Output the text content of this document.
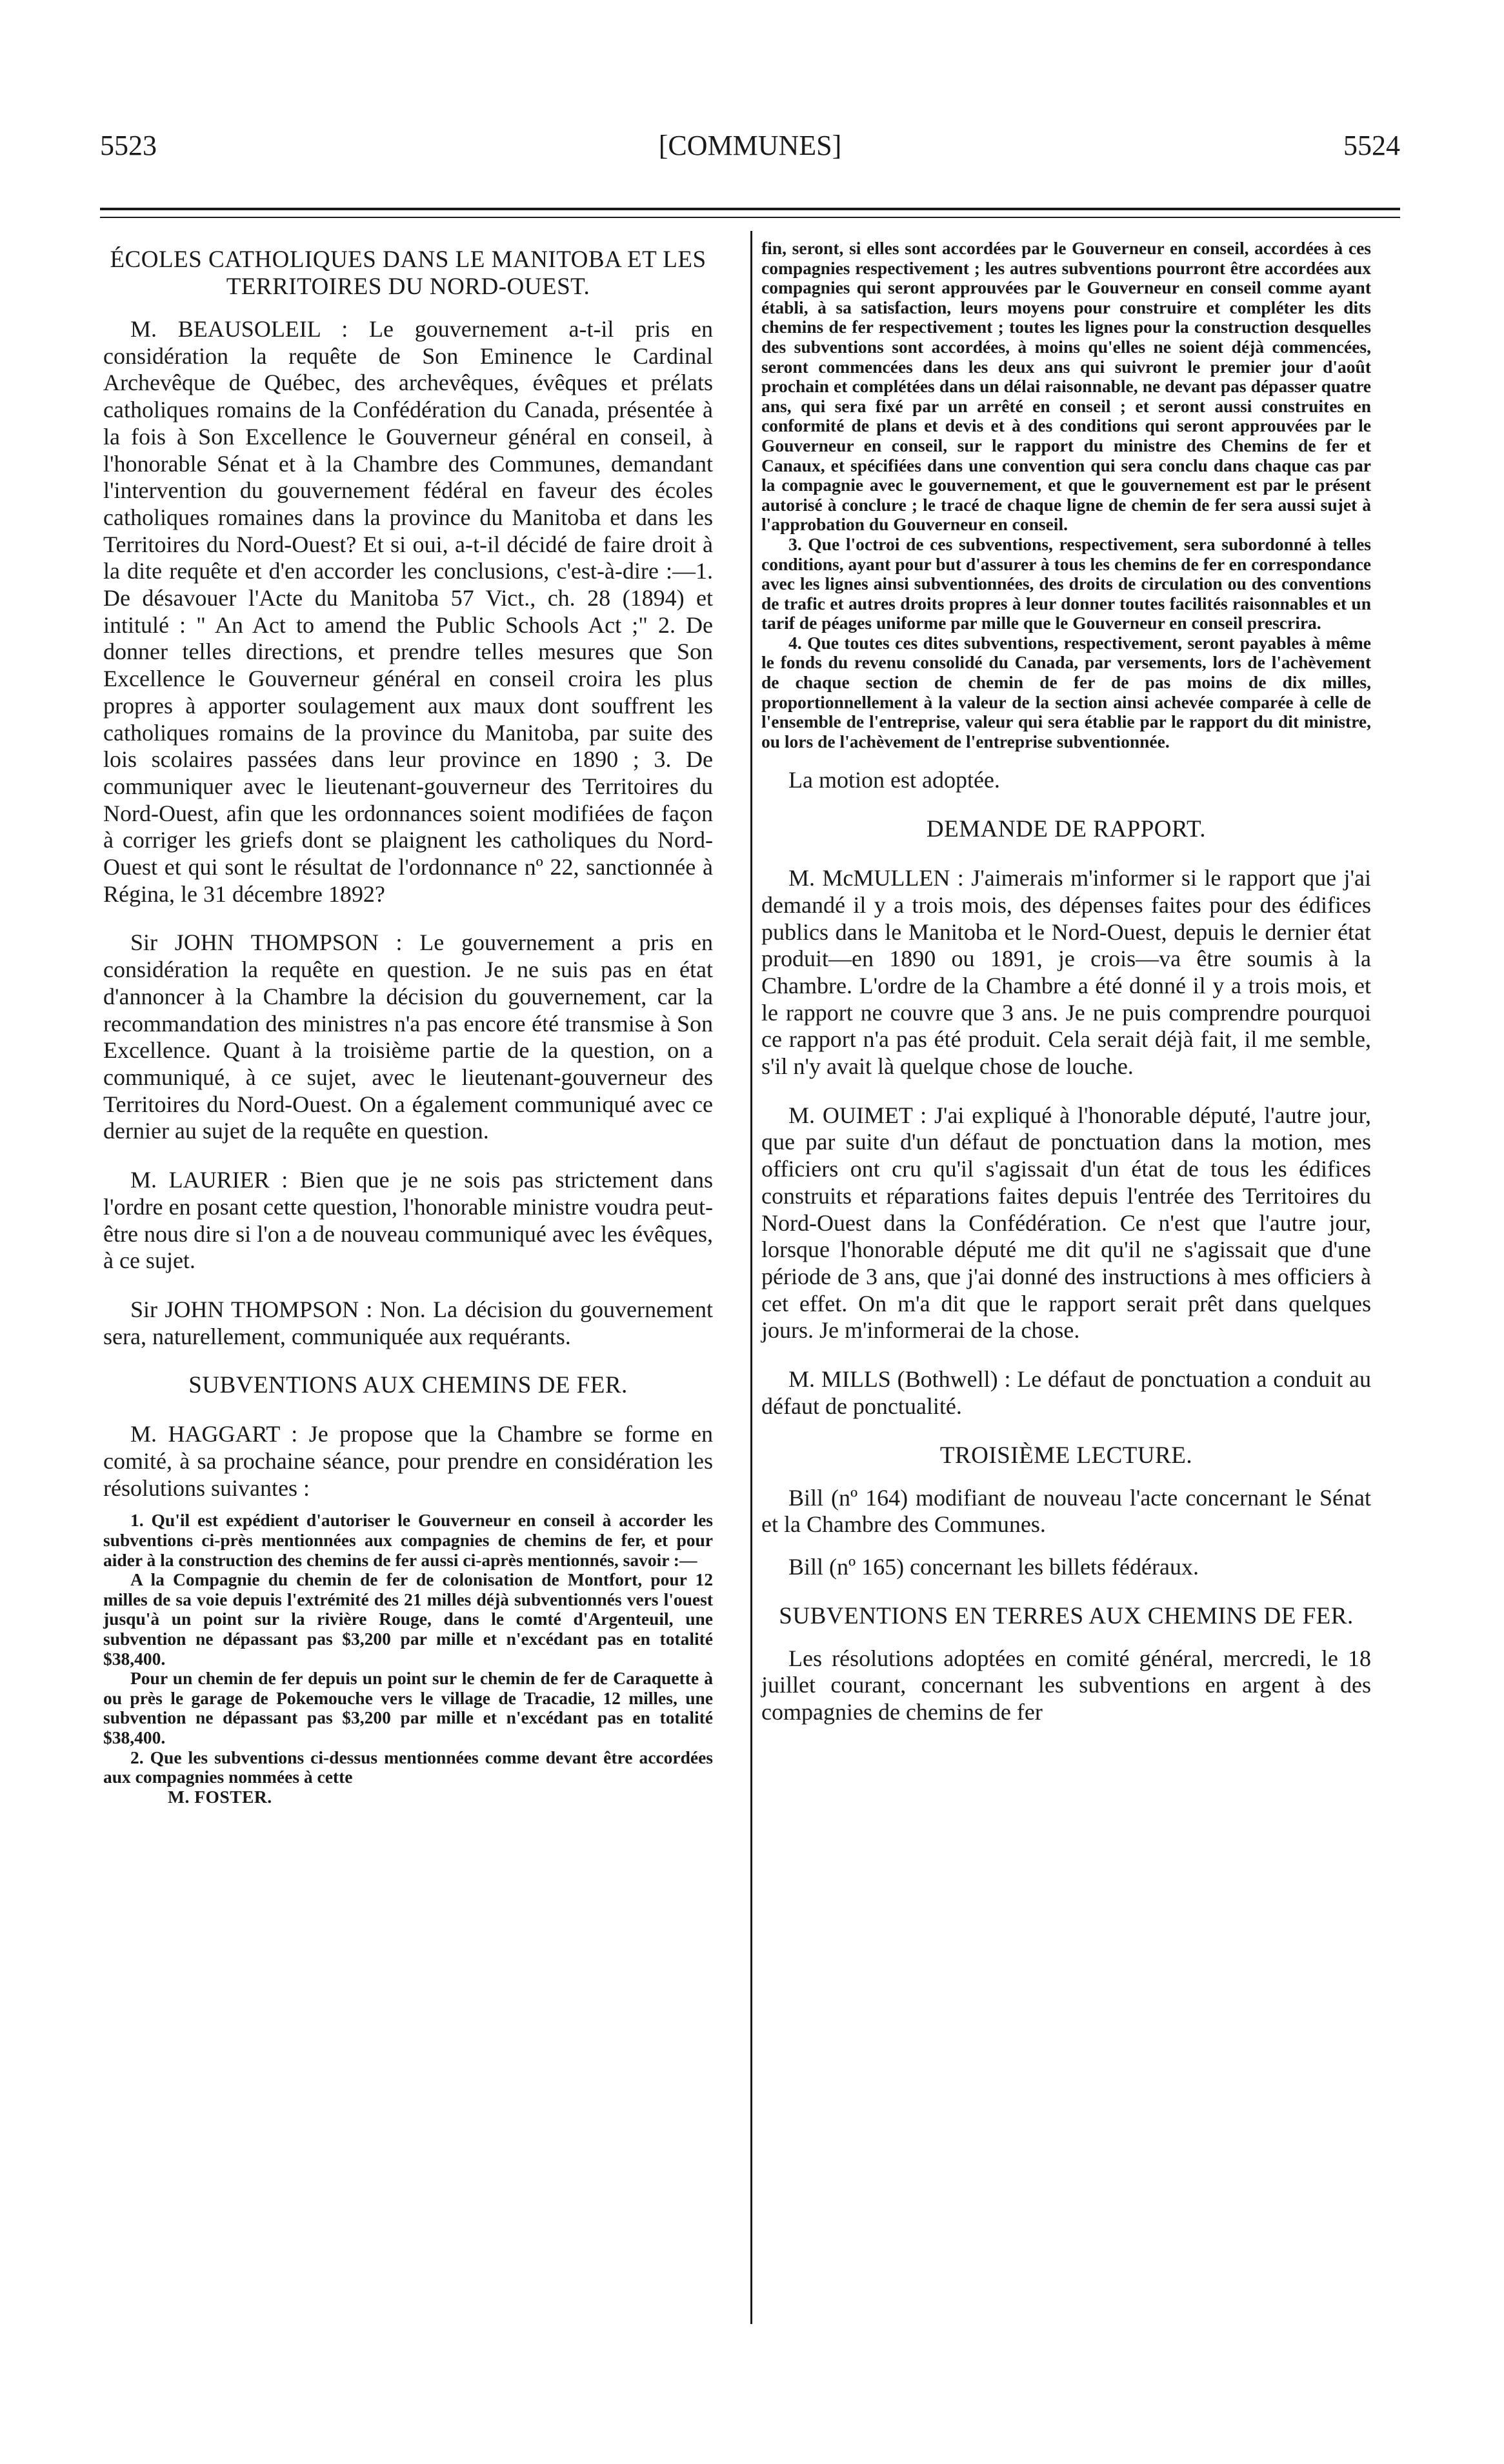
5523	[COMMUNES]	5524

ÉCOLES CATHOLIQUES DANS LE MANITOBA ET LES TERRITOIRES DU NORD-OUEST.

M. BEAUSOLEIL : Le gouvernement a-t-il pris en considération la requête de Son Eminence le Cardinal Archevêque de Québec, des archevêques, évêques et prélats catholiques romains de la Confédération du Canada, présentée à la fois à Son Excellence le Gouverneur général en conseil, à l'honorable Sénat et à la Chambre des Communes, demandant l'intervention du gouvernement fédéral en faveur des écoles catholiques romaines dans la province du Manitoba et dans les Territoires du Nord-Ouest? Et si oui, a-t-il décidé de faire droit à la dite requête et d'en accorder les conclusions, c'est-à-dire :—1. De désavouer l'Acte du Manitoba 57 Vict., ch. 28 (1894) et intitulé : " An Act to amend the Public Schools Act ;" 2. De donner telles directions, et prendre telles mesures que Son Excellence le Gouverneur général en conseil croira les plus propres à apporter soulagement aux maux dont souffrent les catholiques romains de la province du Manitoba, par suite des lois scolaires passées dans leur province en 1890 ; 3. De communiquer avec le lieutenant-gouverneur des Territoires du Nord-Ouest, afin que les ordonnances soient modifiées de façon à corriger les griefs dont se plaignent les catholiques du Nord-Ouest et qui sont le résultat de l'ordonnance nº 22, sanctionnée à Régina, le 31 décembre 1892?

Sir JOHN THOMPSON : Le gouvernement a pris en considération la requête en question. Je ne suis pas en état d'annoncer à la Chambre la décision du gouvernement, car la recommandation des ministres n'a pas encore été transmise à Son Excellence. Quant à la troisième partie de la question, on a communiqué, à ce sujet, avec le lieutenant-gouverneur des Territoires du Nord-Ouest. On a également communiqué avec ce dernier au sujet de la requête en question.

M. LAURIER : Bien que je ne sois pas strictement dans l'ordre en posant cette question, l'honorable ministre voudra peut-être nous dire si l'on a de nouveau communiqué avec les évêques, à ce sujet.

Sir JOHN THOMPSON : Non. La décision du gouvernement sera, naturellement, communiquée aux requérants.

SUBVENTIONS AUX CHEMINS DE FER.

M. HAGGART : Je propose que la Chambre se forme en comité, à sa prochaine séance, pour prendre en considération les résolutions suivantes :

1. Qu'il est expédient d'autoriser le Gouverneur en conseil à accorder les subventions ci-près mentionnées aux compagnies de chemins de fer, et pour aider à la construction des chemins de fer aussi ci-après mentionnés, savoir :—

A la Compagnie du chemin de fer de colonisation de Montfort, pour 12 milles de sa voie depuis l'extrémité des 21 milles déjà subventionnés vers l'ouest jusqu'à un point sur la rivière Rouge, dans le comté d'Argenteuil, une subvention ne dépassant pas $3,200 par mille et n'excédant pas en totalité $38,400.

Pour un chemin de fer depuis un point sur le chemin de fer de Caraquette à ou près le garage de Pokemouche vers le village de Tracadie, 12 milles, une subvention ne dépassant pas $3,200 par mille et n'excédant pas en totalité $38,400.

2. Que les subventions ci-dessus mentionnées comme devant être accordées aux compagnies nommées à cette

M. FOSTER.

fin, seront, si elles sont accordées par le Gouverneur en conseil, accordées à ces compagnies respectivement ; les autres subventions pourront être accordées aux compagnies qui seront approuvées par le Gouverneur en conseil comme ayant établi, à sa satisfaction, leurs moyens pour construire et compléter les dits chemins de fer respectivement ; toutes les lignes pour la construction desquelles des subventions sont accordées, à moins qu'elles ne soient déjà commencées, seront commencées dans les deux ans qui suivront le premier jour d'août prochain et complétées dans un délai raisonnable, ne devant pas dépasser quatre ans, qui sera fixé par un arrêté en conseil ; et seront aussi construites en conformité de plans et devis et à des conditions qui seront approuvées par le Gouverneur en conseil, sur le rapport du ministre des Chemins de fer et Canaux, et spécifiées dans une convention qui sera conclu dans chaque cas par la compagnie avec le gouvernement, et que le gouvernement est par le présent autorisé à conclure ; le tracé de chaque ligne de chemin de fer sera aussi sujet à l'approbation du Gouverneur en conseil.

3. Que l'octroi de ces subventions, respectivement, sera subordonné à telles conditions, ayant pour but d'assurer à tous les chemins de fer en correspondance avec les lignes ainsi subventionnées, des droits de circulation ou des conventions de trafic et autres droits propres à leur donner toutes facilités raisonnables et un tarif de péages uniforme par mille que le Gouverneur en conseil prescrira.

4. Que toutes ces dites subventions, respectivement, seront payables à même le fonds du revenu consolidé du Canada, par versements, lors de l'achèvement de chaque section de chemin de fer de pas moins de dix milles, proportionnellement à la valeur de la section ainsi achevée comparée à celle de l'ensemble de l'entreprise, valeur qui sera établie par le rapport du dit ministre, ou lors de l'achèvement de l'entreprise subventionnée.

La motion est adoptée.

DEMANDE DE RAPPORT.

M. McMULLEN : J'aimerais m'informer si le rapport que j'ai demandé il y a trois mois, des dépenses faites pour des édifices publics dans le Manitoba et le Nord-Ouest, depuis le dernier état produit—en 1890 ou 1891, je crois—va être soumis à la Chambre. L'ordre de la Chambre a été donné il y a trois mois, et le rapport ne couvre que 3 ans. Je ne puis comprendre pourquoi ce rapport n'a pas été produit. Cela serait déjà fait, il me semble, s'il n'y avait là quelque chose de louche.

M. OUIMET : J'ai expliqué à l'honorable député, l'autre jour, que par suite d'un défaut de ponctuation dans la motion, mes officiers ont cru qu'il s'agissait d'un état de tous les édifices construits et réparations faites depuis l'entrée des Territoires du Nord-Ouest dans la Confédération. Ce n'est que l'autre jour, lorsque l'honorable député me dit qu'il ne s'agissait que d'une période de 3 ans, que j'ai donné des instructions à mes officiers à cet effet. On m'a dit que le rapport serait prêt dans quelques jours. Je m'informerai de la chose.

M. MILLS (Bothwell) : Le défaut de ponctuation a conduit au défaut de ponctualité.

TROISIÈME LECTURE.

Bill (nº 164) modifiant de nouveau l'acte concernant le Sénat et la Chambre des Communes.

Bill (nº 165) concernant les billets fédéraux.

SUBVENTIONS EN TERRES AUX CHEMINS DE FER.

Les résolutions adoptées en comité général, mercredi, le 18 juillet courant, concernant les subventions en argent à des compagnies de chemins de fer
